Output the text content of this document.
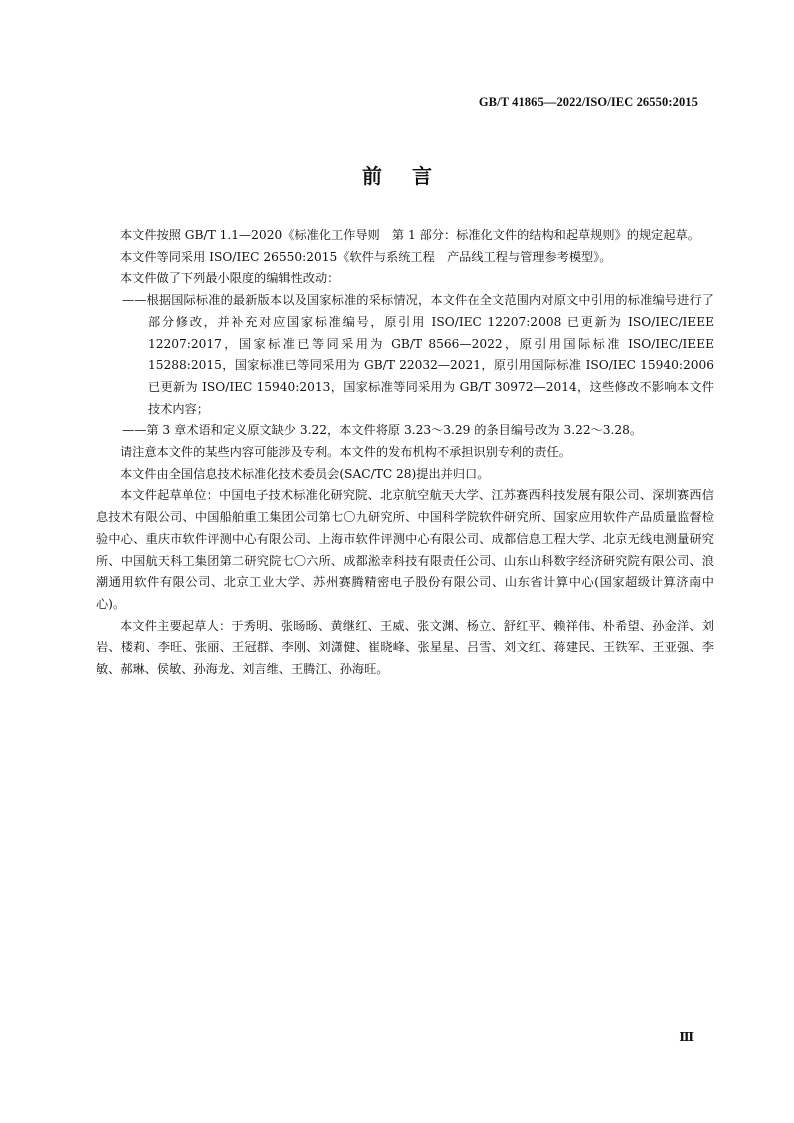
GB/T 41865—2022/ISO/IEC 26550:2015
前言

本文件按照 GB/T 1.1—2020《标准化工作导则　第 1 部分：标准化文件的结构和起草规则》的规定起草。

本文件等同采用 ISO/IEC 26550:2015《软件与系统工程　产品线工程与管理参考模型》。

本文件做了下列最小限度的编辑性改动：

——根据国际标准的最新版本以及国家标准的采标情况，本文件在全文范围内对原文中引用的标准编号进行了部分修改，并补充对应国家标准编号，原引用 ISO/IEC 12207:2008 已更新为 ISO/IEC/IEEE 12207:2017，国家标准已等同采用为 GB/T 8566—2022，原引用国际标准 ISO/IEC/IEEE 15288:2015，国家标准已等同采用为 GB/T 22032—2021，原引用国际标准 ISO/IEC 15940:2006 已更新为 ISO/IEC 15940:2013，国家标准等同采用为 GB/T 30972—2014，这些修改不影响本文件技术内容；

——第 3 章术语和定义原文缺少 3.22，本文件将原 3.23～3.29 的条目编号改为 3.22～3.28。

请注意本文件的某些内容可能涉及专利。本文件的发布机构不承担识别专利的责任。

本文件由全国信息技术标准化技术委员会(SAC/TC 28)提出并归口。

本文件起草单位：中国电子技术标准化研究院、北京航空航天大学、江苏赛西科技发展有限公司、深圳赛西信息技术有限公司、中国船舶重工集团公司第七〇九研究所、中国科学院软件研究所、国家应用软件产品质量监督检验中心、重庆市软件评测中心有限公司、上海市软件评测中心有限公司、成都信息工程大学、北京无线电测量研究所、中国航天科工集团第二研究院七〇六所、成都淞幸科技有限责任公司、山东山科数字经济研究院有限公司、浪潮通用软件有限公司、北京工业大学、苏州赛腾精密电子股份有限公司、山东省计算中心(国家超级计算济南中心)。

本文件主要起草人：于秀明、张旸旸、黄继红、王威、张文渊、杨立、舒红平、赖祥伟、朴希望、孙金洋、刘岩、楼莉、李旺、张丽、王冠群、李刚、刘潇健、崔晓峰、张星星、吕雪、刘文红、蒋建民、王铁军、王亚强、李敏、郝琳、侯敏、孙海龙、刘言维、王腾江、孙海旺。

Ⅲ
